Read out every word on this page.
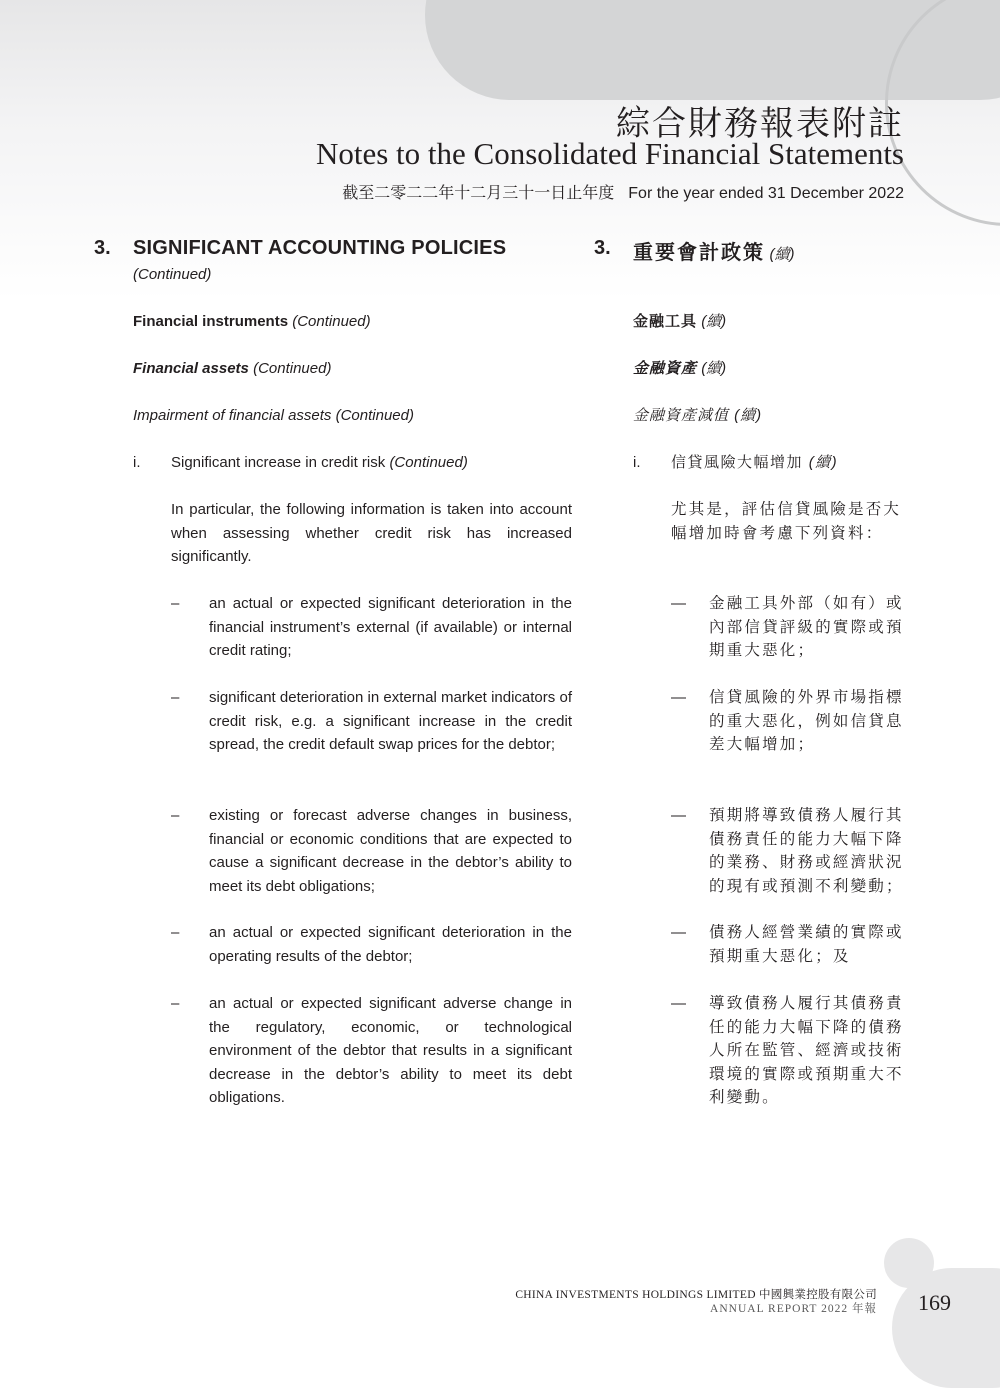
綜合財務報表附註
Notes to the Consolidated Financial Statements
截至二零二二年十二月三十一日止年度 For the year ended 31 December 2022
3. SIGNIFICANT ACCOUNTING POLICIES
(Continued)
Financial instruments (Continued)
Financial assets (Continued)
Impairment of financial assets (Continued)
i. Significant increase in credit risk (Continued)
In particular, the following information is taken into account when assessing whether credit risk has increased significantly.
– an actual or expected significant deterioration in the financial instrument’s external (if available) or internal credit rating;
– significant deterioration in external market indicators of credit risk, e.g. a significant increase in the credit spread, the credit default swap prices for the debtor;
– existing or forecast adverse changes in business, financial or economic conditions that are expected to cause a significant decrease in the debtor’s ability to meet its debt obligations;
– an actual or expected significant deterioration in the operating results of the debtor;
– an actual or expected significant adverse change in the regulatory, economic, or technological environment of the debtor that results in a significant decrease in the debtor’s ability to meet its debt obligations.
3. 重要會計政策 (續)
金融工具 (續)
金融資產 (續)
金融資產減值 (續)
i. 信貸風險大幅增加 (續)
尤其是，評估信貸風險是否大幅增加時會考慮下列資料：
— 金融工具外部（如有）或內部信貸評級的實際或預期重大惡化；
— 信貸風險的外界市場指標的重大惡化，例如信貸息差大幅增加；
— 預期將導致債務人履行其債務責任的能力大幅下降的業務、財務或經濟狀況的現有或預測不利變動；
— 債務人經營業績的實際或預期重大惡化；及
— 導致債務人履行其債務責任的能力大幅下降的債務人所在監管、經濟或技術環境的實際或預期重大不利變動。
CHINA INVESTMENTS HOLDINGS LIMITED 中國興業控股有限公司
ANNUAL REPORT 2022 年報 169
